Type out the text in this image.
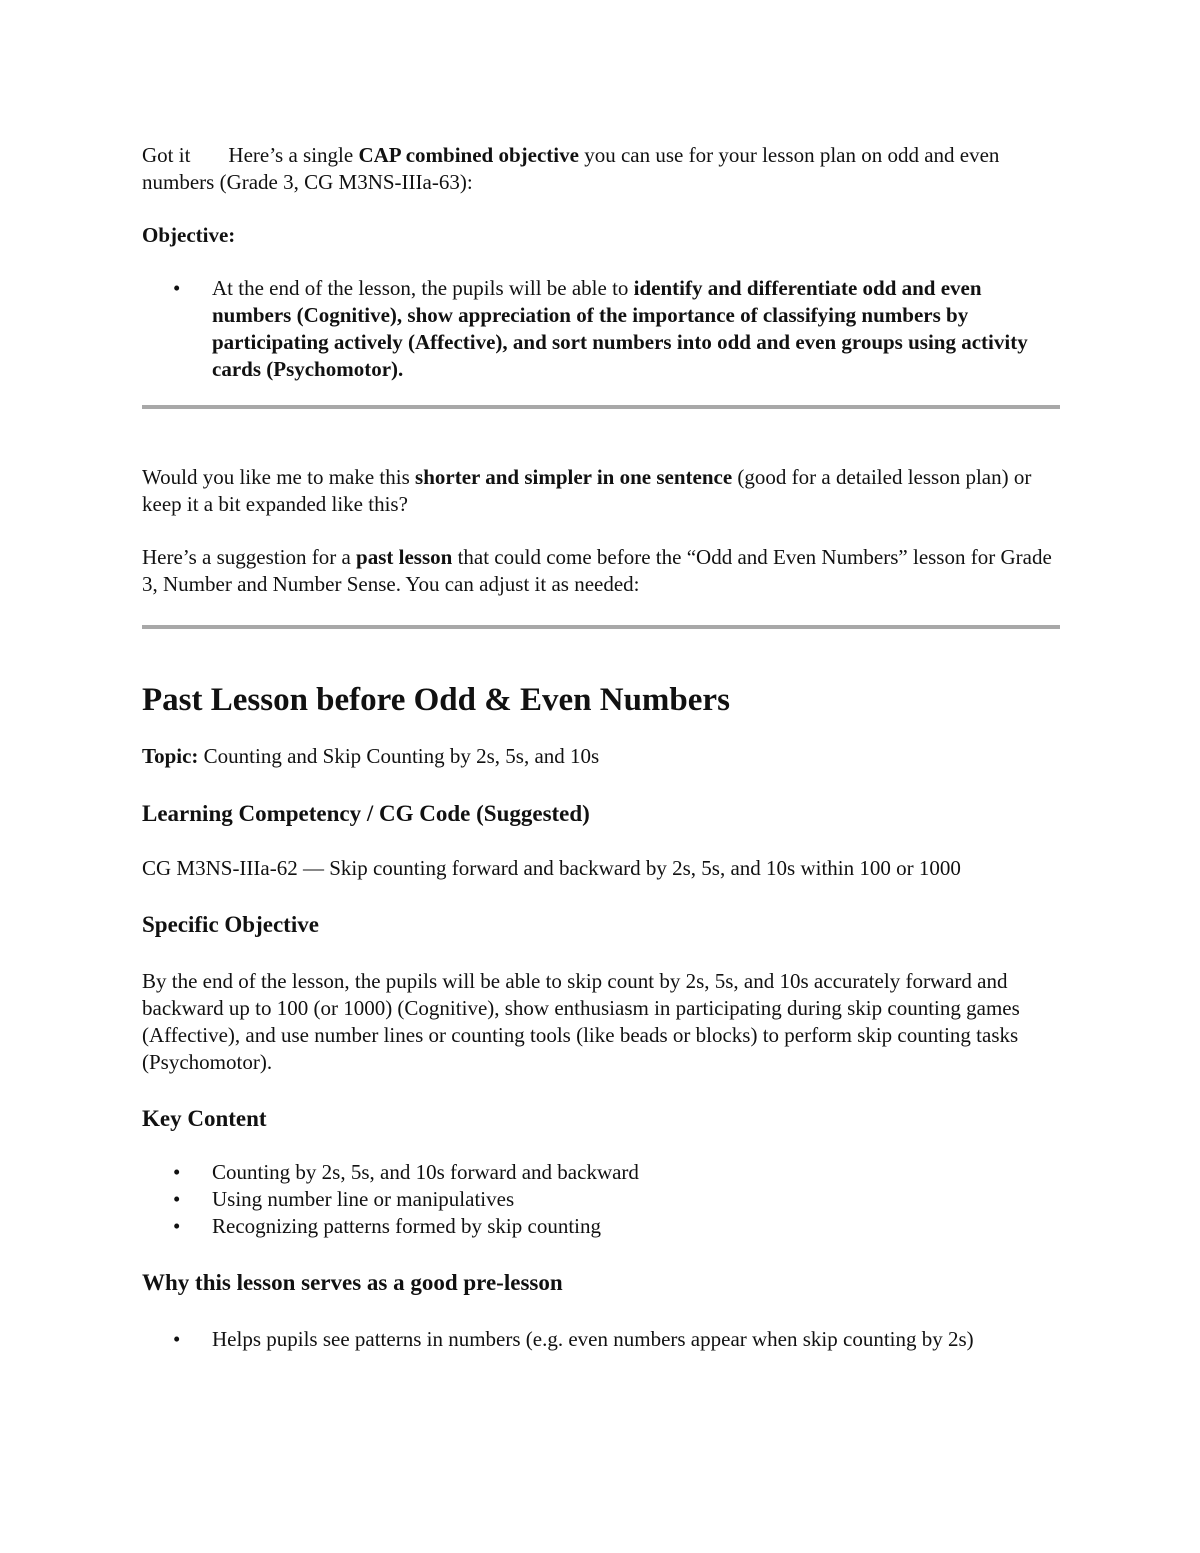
Got it Here’s a single CAP combined objective you can use for your lesson plan on odd and even numbers (Grade 3, CG M3NS-IIIa-63):

Objective:

• At the end of the lesson, the pupils will be able to identify and differentiate odd and even numbers (Cognitive), show appreciation of the importance of classifying numbers by participating actively (Affective), and sort numbers into odd and even groups using activity cards (Psychomotor).

Would you like me to make this shorter and simpler in one sentence (good for a detailed lesson plan) or keep it a bit expanded like this?

Here’s a suggestion for a past lesson that could come before the “Odd and Even Numbers” lesson for Grade 3, Number and Number Sense. You can adjust it as needed:

Past Lesson before Odd & Even Numbers

Topic: Counting and Skip Counting by 2s, 5s, and 10s

Learning Competency / CG Code (Suggested)

CG M3NS-IIIa-62 — Skip counting forward and backward by 2s, 5s, and 10s within 100 or 1000

Specific Objective

By the end of the lesson, the pupils will be able to skip count by 2s, 5s, and 10s accurately forward and backward up to 100 (or 1000) (Cognitive), show enthusiasm in participating during skip counting games (Affective), and use number lines or counting tools (like beads or blocks) to perform skip counting tasks (Psychomotor).

Key Content
• Counting by 2s, 5s, and 10s forward and backward
• Using number line or manipulatives
• Recognizing patterns formed by skip counting
Why this lesson serves as a good pre-lesson
• Helps pupils see patterns in numbers (e.g. even numbers appear when skip counting by 2s)
